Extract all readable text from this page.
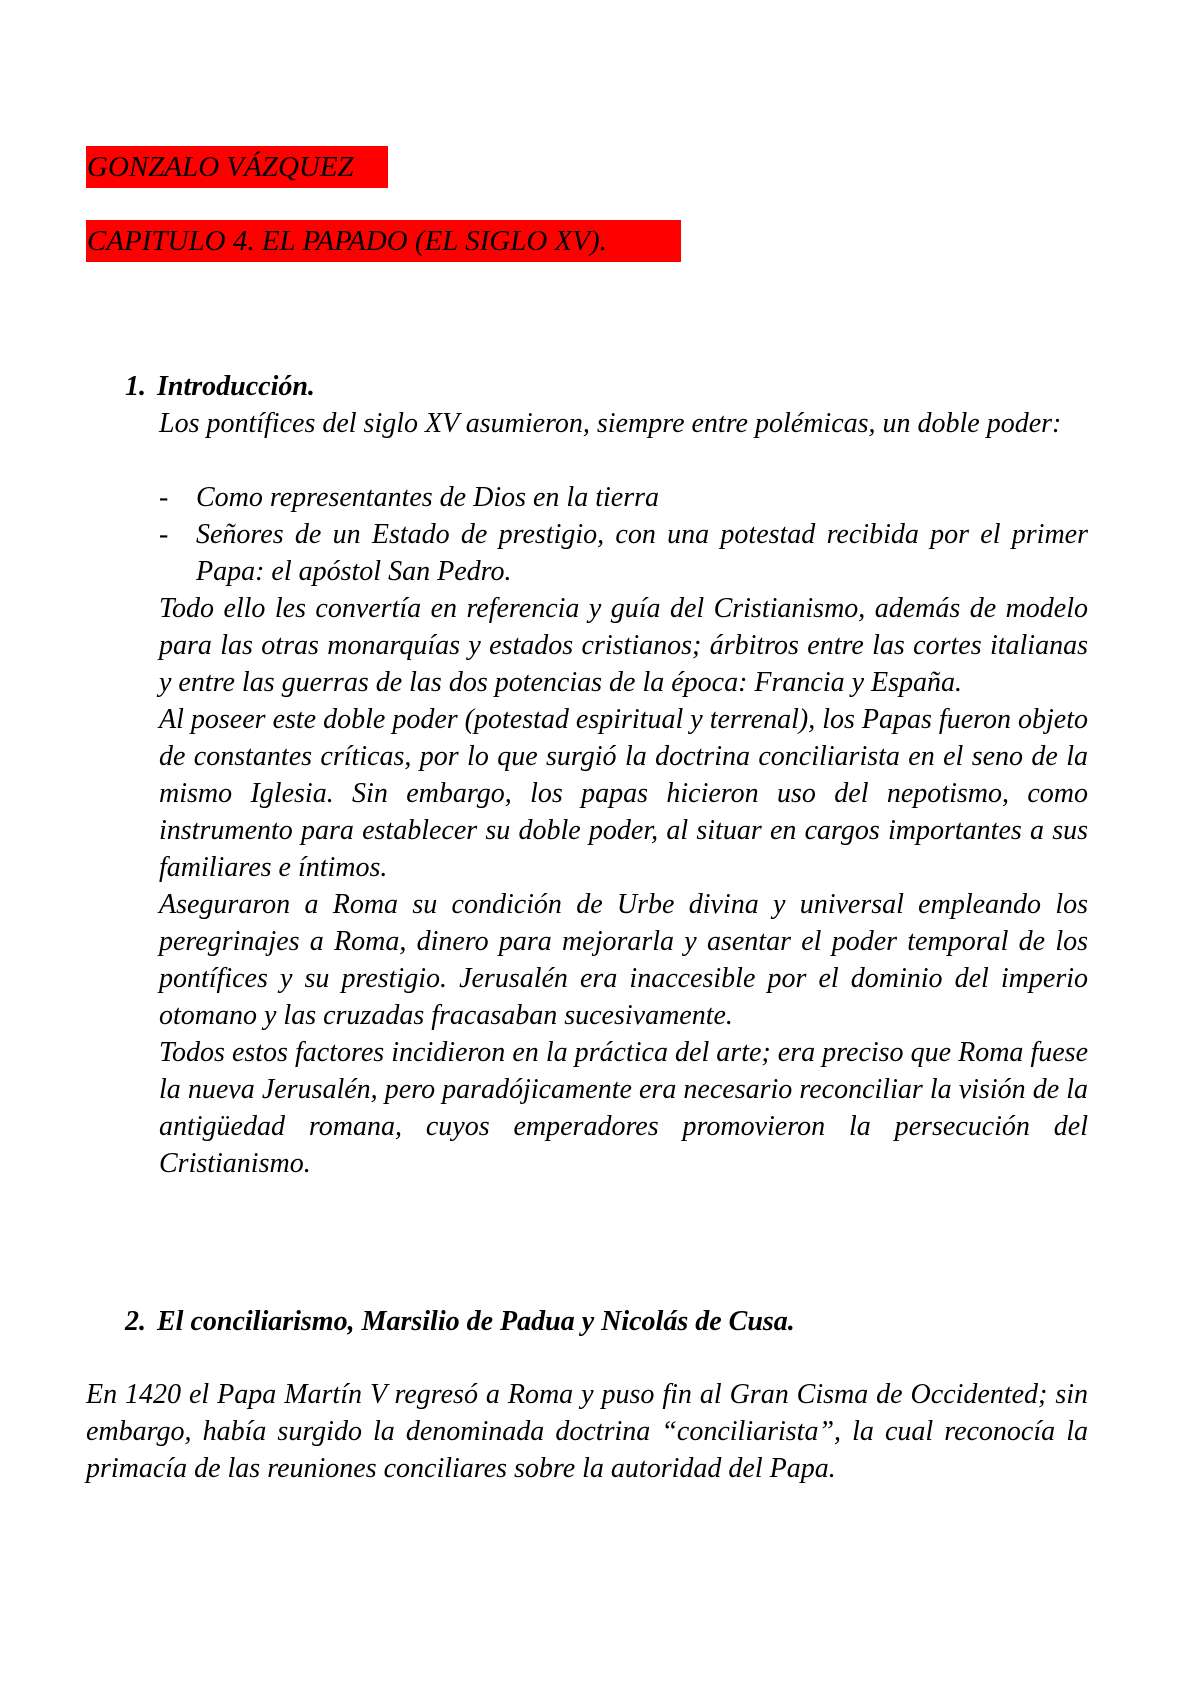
GONZALO VÁZQUEZ
CAPITULO 4. EL PAPADO (EL SIGLO XV).
1. Introducción.

Los pontífices del siglo XV asumieron, siempre entre polémicas, un doble poder:

- Como representantes de Dios en la tierra
- Señores de un Estado de prestigio, con una potestad recibida por el primer Papa: el apóstol San Pedro.

Todo ello les convertía en referencia y guía del Cristianismo, además de modelo para las otras monarquías y estados cristianos; árbitros entre las cortes italianas y entre las guerras de las dos potencias de la época: Francia y España.

Al poseer este doble poder (potestad espiritual y terrenal), los Papas fueron objeto de constantes críticas, por lo que surgió la doctrina conciliarista en el seno de la mismo Iglesia. Sin embargo, los papas hicieron uso del nepotismo, como instrumento para establecer su doble poder, al situar en cargos importantes a sus familiares e íntimos.

Aseguraron a Roma su condición de Urbe divina y universal empleando los peregrinajes a Roma, dinero para mejorarla y asentar el poder temporal de los pontífices y su prestigio. Jerusalén era inaccesible por el dominio del imperio otomano y las cruzadas fracasaban sucesivamente.

Todos estos factores incidieron en la práctica del arte; era preciso que Roma fuese la nueva Jerusalén, pero paradójicamente era necesario reconciliar la visión de la antigüedad romana, cuyos emperadores promovieron la persecución del Cristianismo.

2. El conciliarismo, Marsilio de Padua y Nicolás de Cusa.

En 1420 el Papa Martín V regresó a Roma y puso fin al Gran Cisma de Occidented; sin embargo, había surgido la denominada doctrina “conciliarista”, la cual reconocía la primacía de las reuniones conciliares sobre la autoridad del Papa.
